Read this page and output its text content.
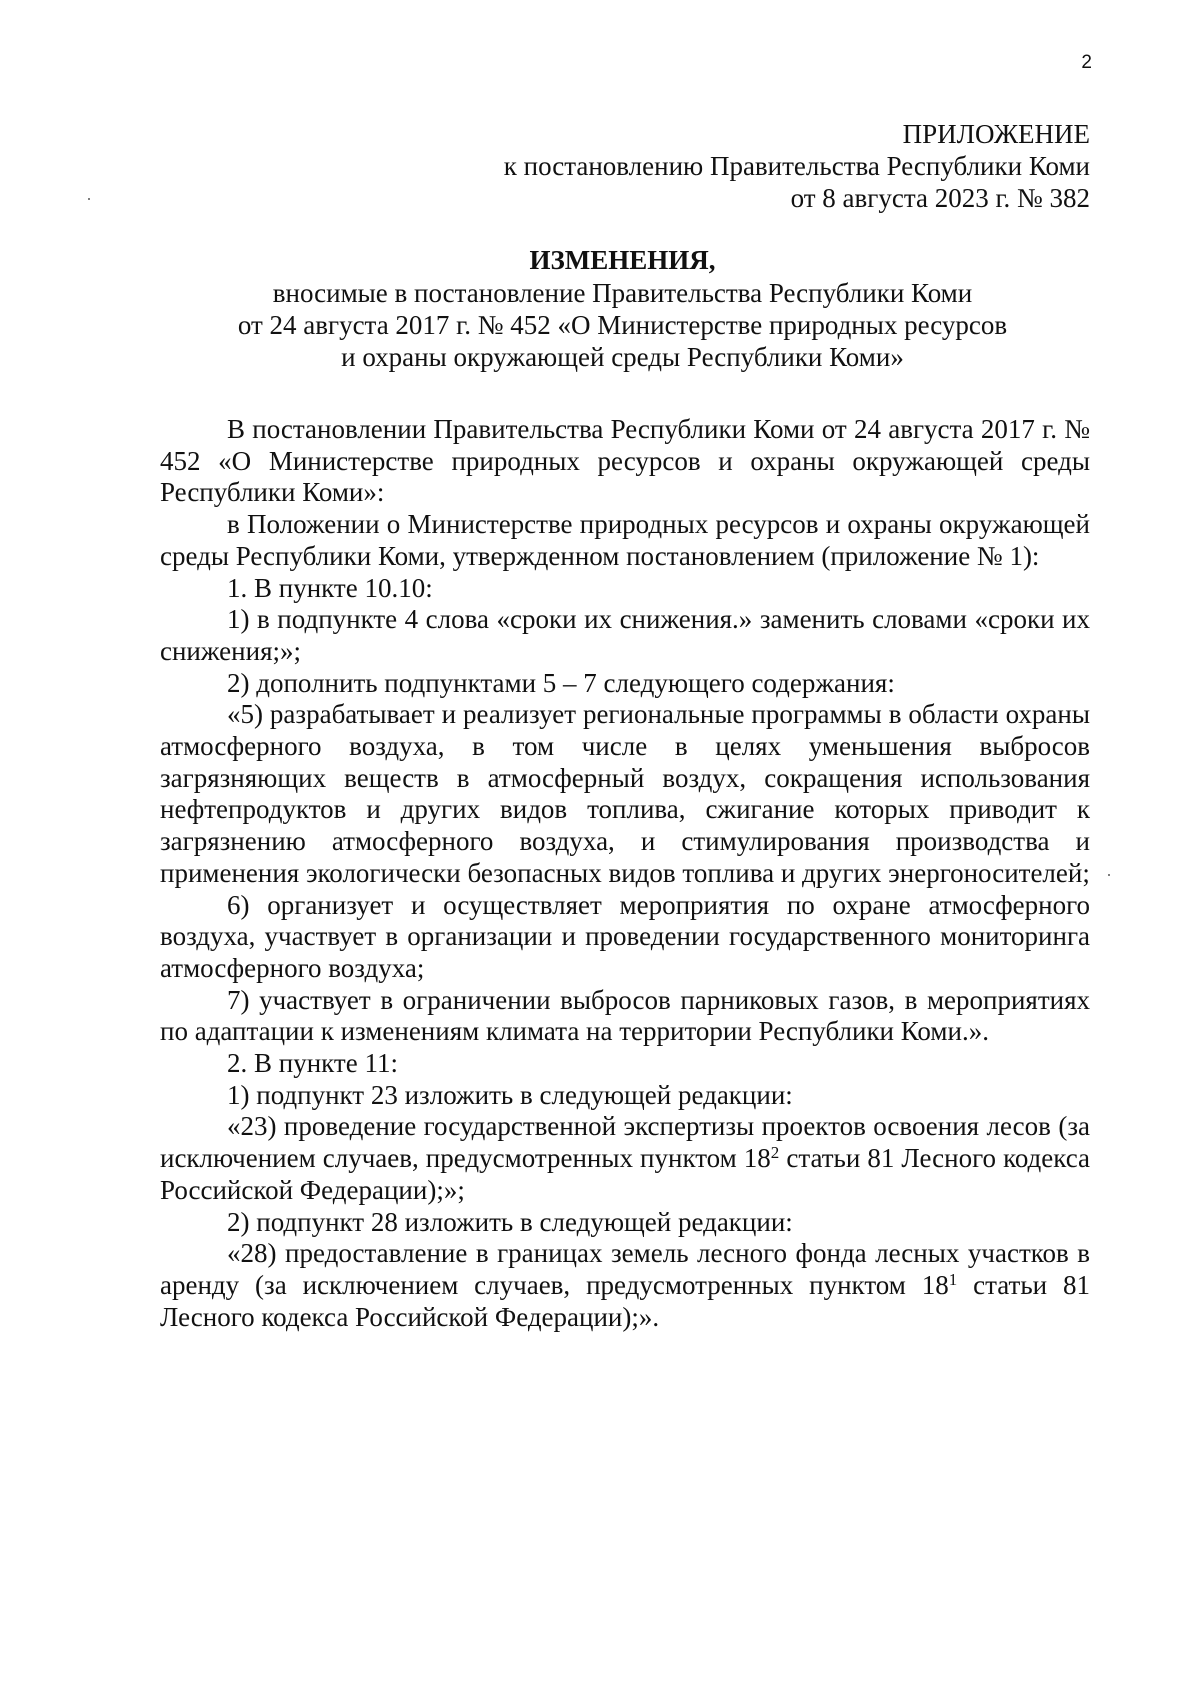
2
ПРИЛОЖЕНИЕ
к постановлению Правительства Республики Коми
от 8 августа 2023 г. № 382
ИЗМЕНЕНИЯ,
вносимые в постановление Правительства Республики Коми
от 24 августа 2017 г. № 452 «О Министерстве природных ресурсов
и охраны окружающей среды Республики Коми»

В постановлении Правительства Республики Коми от 24 августа 2017 г. № 452 «О Министерстве природных ресурсов и охраны окружающей среды Республики Коми»:

в Положении о Министерстве природных ресурсов и охраны окружающей среды Республики Коми, утвержденном постановлением (приложение № 1):

1. В пункте 10.10:

1) в подпункте 4 слова «сроки их снижения.» заменить словами «сроки их снижения;»;

2) дополнить подпунктами 5 – 7 следующего содержания:

«5) разрабатывает и реализует региональные программы в области охраны атмосферного воздуха, в том числе в целях уменьшения выбросов загрязняющих веществ в атмосферный воздух, сокращения использования нефтепродуктов и других видов топлива, сжигание которых приводит к загрязнению атмосферного воздуха, и стимулирования производства и применения экологически безопасных видов топлива и других энергоносителей;

6) организует и осуществляет мероприятия по охране атмосферного воздуха, участвует в организации и проведении государственного мониторинга атмосферного воздуха;

7) участвует в ограничении выбросов парниковых газов, в мероприятиях по адаптации к изменениям климата на территории Республики Коми.».

2. В пункте 11:

1) подпункт 23 изложить в следующей редакции:

«23) проведение государственной экспертизы проектов освоения лесов (за исключением случаев, предусмотренных пунктом $18^2$ статьи 81 Лесного кодекса Российской Федерации);»;

2) подпункт 28 изложить в следующей редакции:

«28) предоставление в границах земель лесного фонда лесных участков в аренду (за исключением случаев, предусмотренных пунктом $18^1$ статьи 81 Лесного кодекса Российской Федерации);».
